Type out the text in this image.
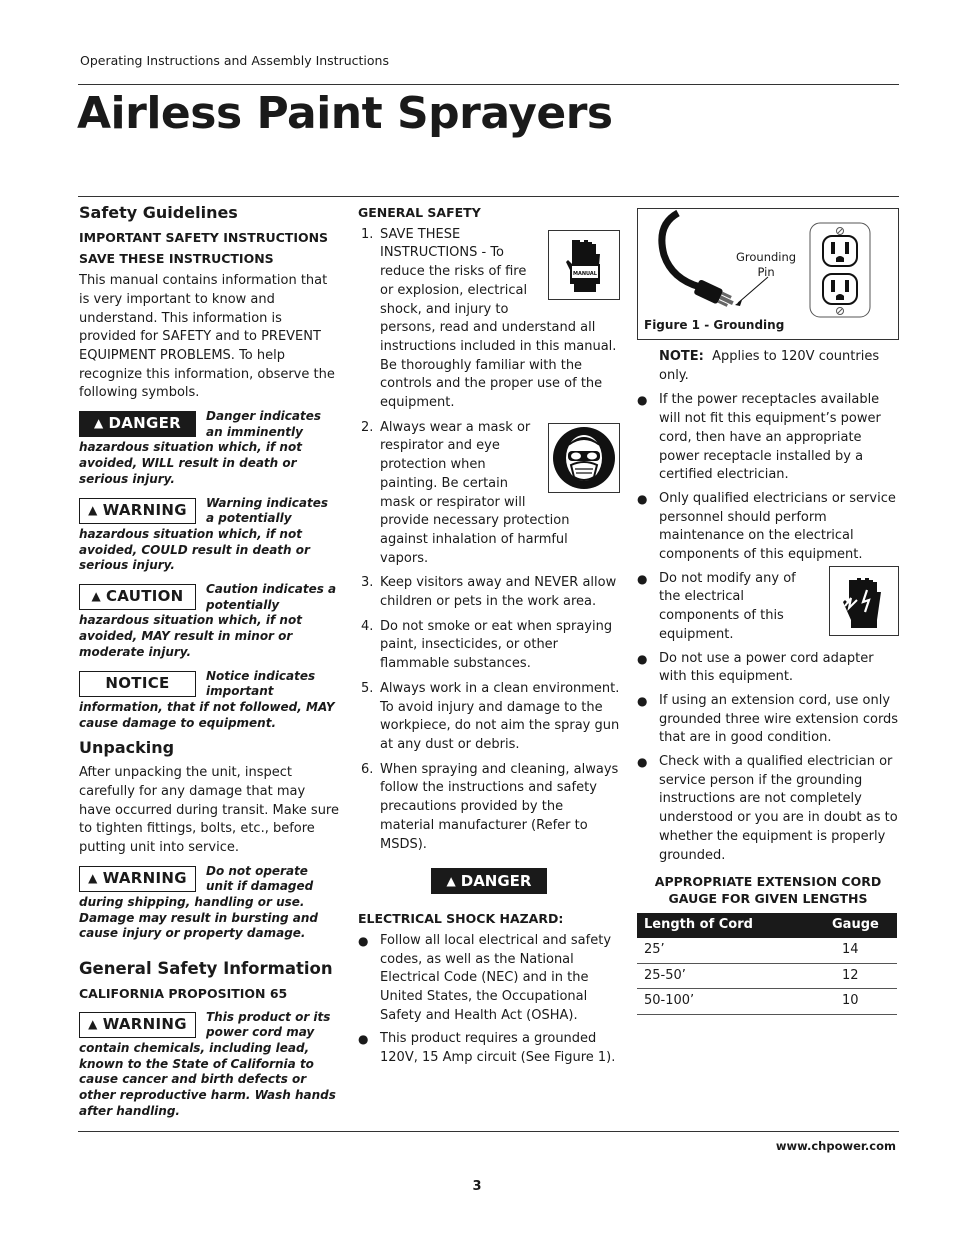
Operating Instructions and Assembly Instructions
Airless Paint Sprayers
Safety Guidelines
IMPORTANT SAFETY INSTRUCTIONS
SAVE THESE INSTRUCTIONS

This manual contains information that is very important to know and understand. This information is provided for SAFETY and to PREVENT EQUIPMENT PROBLEMS. To help recognize this information, observe the following symbols.

▲ DANGER Danger indicates an imminently hazardous situation which, if not avoided, WILL result in death or serious injury.
▲ WARNING Warning indicates a potentially hazardous situation which, if not avoided, COULD result in death or serious injury.
▲ CAUTION Caution indicates a potentially hazardous situation which, if not avoided, MAY result in minor or moderate injury.
NOTICE	Notice indicates important information, that if not followed, MAY cause damage to equipment.
Unpacking

After unpacking the unit, inspect carefully for any damage that may have occurred during transit. Make sure to tighten fittings, bolts, etc., before putting unit into service.

▲ WARNING Do not operate unit if damaged during shipping, handling or use. Damage may result in bursting and cause injury or property damage.
General Safety Information
CALIFORNIA PROPOSITION 65
▲ WARNING This product or its power cord may contain chemicals, including lead, known to the State of California to cause cancer and birth defects or other reproductive harm. Wash hands after handling.
GENERAL SAFETY
1.
MANUAL
SAVE THESE INSTRUCTIONS - To reduce the risks of fire or explosion, electrical shock, and injury to persons, read and understand all instructions included in this manual. Be thoroughly familiar with the controls and the proper use of the equipment.
2. Always wear a mask or respirator and eye protection when painting. Be certain mask or respirator will provide necessary protection against inhalation of harmful vapors.
3. Keep visitors away and NEVER allow children or pets in the work area.
4. Do not smoke or eat when spraying paint, insecticides, or other flammable substances.
5. Always work in a clean environment. To avoid injury and damage to the workpiece, do not aim the spray gun at any dust or debris.
6. When spraying and cleaning, always follow the instructions and safety precautions provided by the material manufacturer (Refer to MSDS).
▲ DANGER
ELECTRICAL SHOCK HAZARD:
● Follow all local electrical and safety codes, as well as the National Electrical Code (NEC) and in the United States, the Occupational Safety and Health Act (OSHA).
● This product requires a grounded 120V, 15 Amp circuit (See Figure 1).
Grounding
Pin
Figure 1 - Grounding

NOTE: Applies to 120V countries only.

● If the power receptacles available will not fit this equipment’s power cord, then have an appropriate power receptacle installed by a certified electrician.
● Only qualified electricians or service personnel should perform maintenance on the electrical components of this equipment.
● Do not modify any of the electrical components of this equipment.
● Do not use a power cord adapter with this equipment.
● If using an extension cord, use only grounded three wire extension cords that are in good condition.
● Check with a qualified electrician or service person if the grounding instructions are not completely understood or you are in doubt as to whether the equipment is properly grounded.
APPROPRIATE EXTENSION CORD GAUGE FOR GIVEN LENGTHS
Length of Cord	Gauge
25’	14
25-50’	12
50-100’	10
www.chpower.com
3
